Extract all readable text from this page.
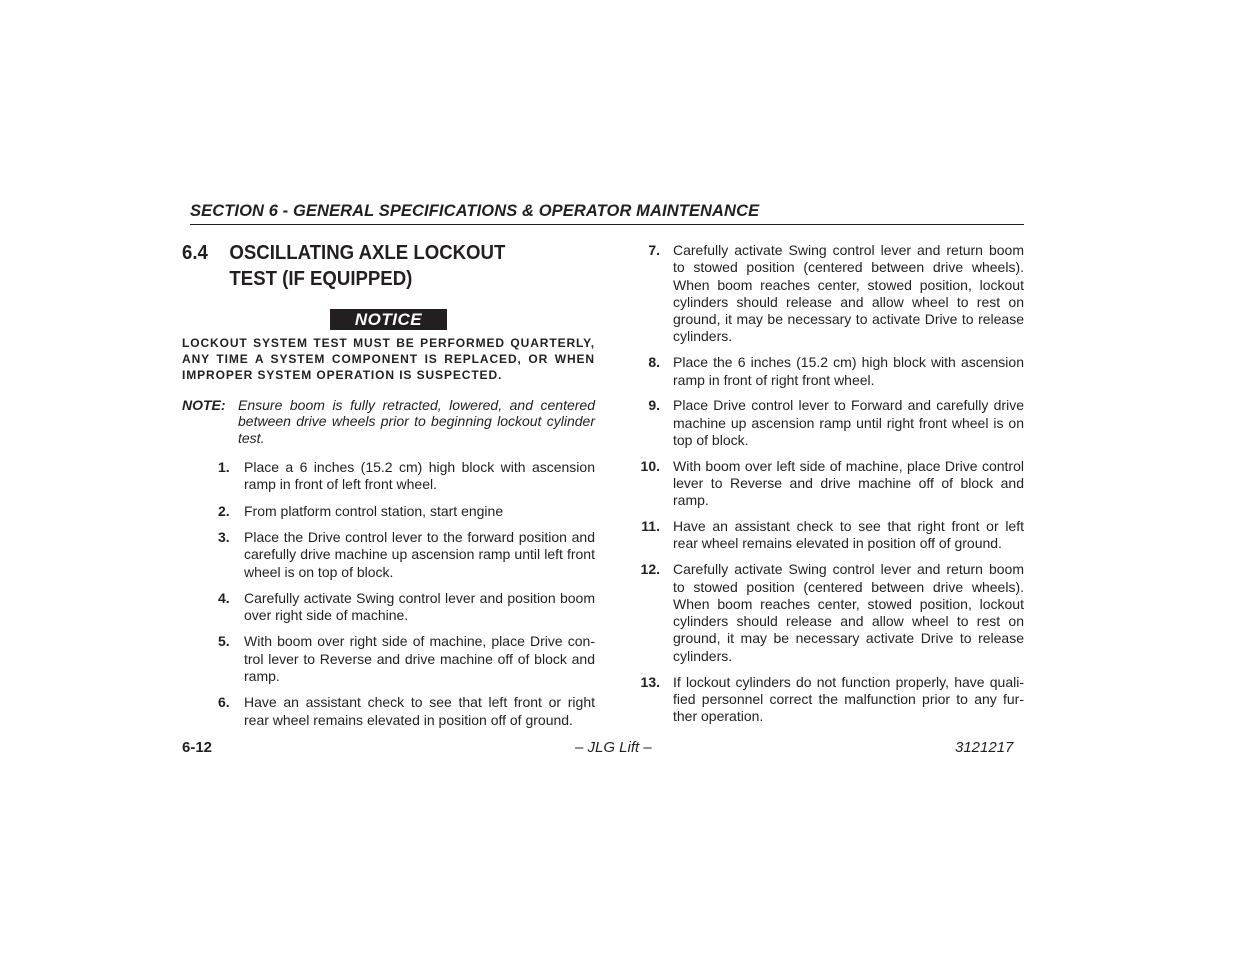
SECTION 6 - GENERAL SPECIFICATIONS & OPERATOR MAINTENANCE
6.4	OSCILLATING AXLE LOCKOUT TEST (IF EQUIPPED)
NOTICE
LOCKOUT SYSTEM TEST MUST BE PERFORMED QUARTERLY, ANY TIME A SYSTEM COMPONENT IS REPLACED, OR WHEN IMPROPER SYSTEM OPERATION IS SUSPECTED.
NOTE: Ensure boom is fully retracted, lowered, and centered between drive wheels prior to beginning lockout cylinder test.
1.	Place a 6 inches (15.2 cm) high block with ascension ramp in front of left front wheel.
2.	From platform control station, start engine
3.	Place the Drive control lever to the forward position and carefully drive machine up ascension ramp until left front wheel is on top of block.
4.	Carefully activate Swing control lever and position boom over right side of machine.
5.	With boom over right side of machine, place Drive con-trol lever to Reverse and drive machine off of block and ramp.
6.	Have an assistant check to see that left front or right rear wheel remains elevated in position off of ground.
7. Carefully activate Swing control lever and return boom to stowed position (centered between drive wheels). When boom reaches center, stowed position, lockout cylinders should release and allow wheel to rest on ground, it may be necessary to activate Drive to release cylinders.
8. Place the 6 inches (15.2 cm) high block with ascension ramp in front of right front wheel.
9. Place Drive control lever to Forward and carefully drive machine up ascension ramp until right front wheel is on top of block.
10. With boom over left side of machine, place Drive control lever to Reverse and drive machine off of block and ramp.
11. Have an assistant check to see that right front or left rear wheel remains elevated in position off of ground.
12. Carefully activate Swing control lever and return boom to stowed position (centered between drive wheels). When boom reaches center, stowed position, lockout cylinders should release and allow wheel to rest on ground, it may be necessary activate Drive to release cylinders.
13. If lockout cylinders do not function properly, have quali-fied personnel correct the malfunction prior to any fur-ther operation.
6-12	– JLG Lift –	3121217
